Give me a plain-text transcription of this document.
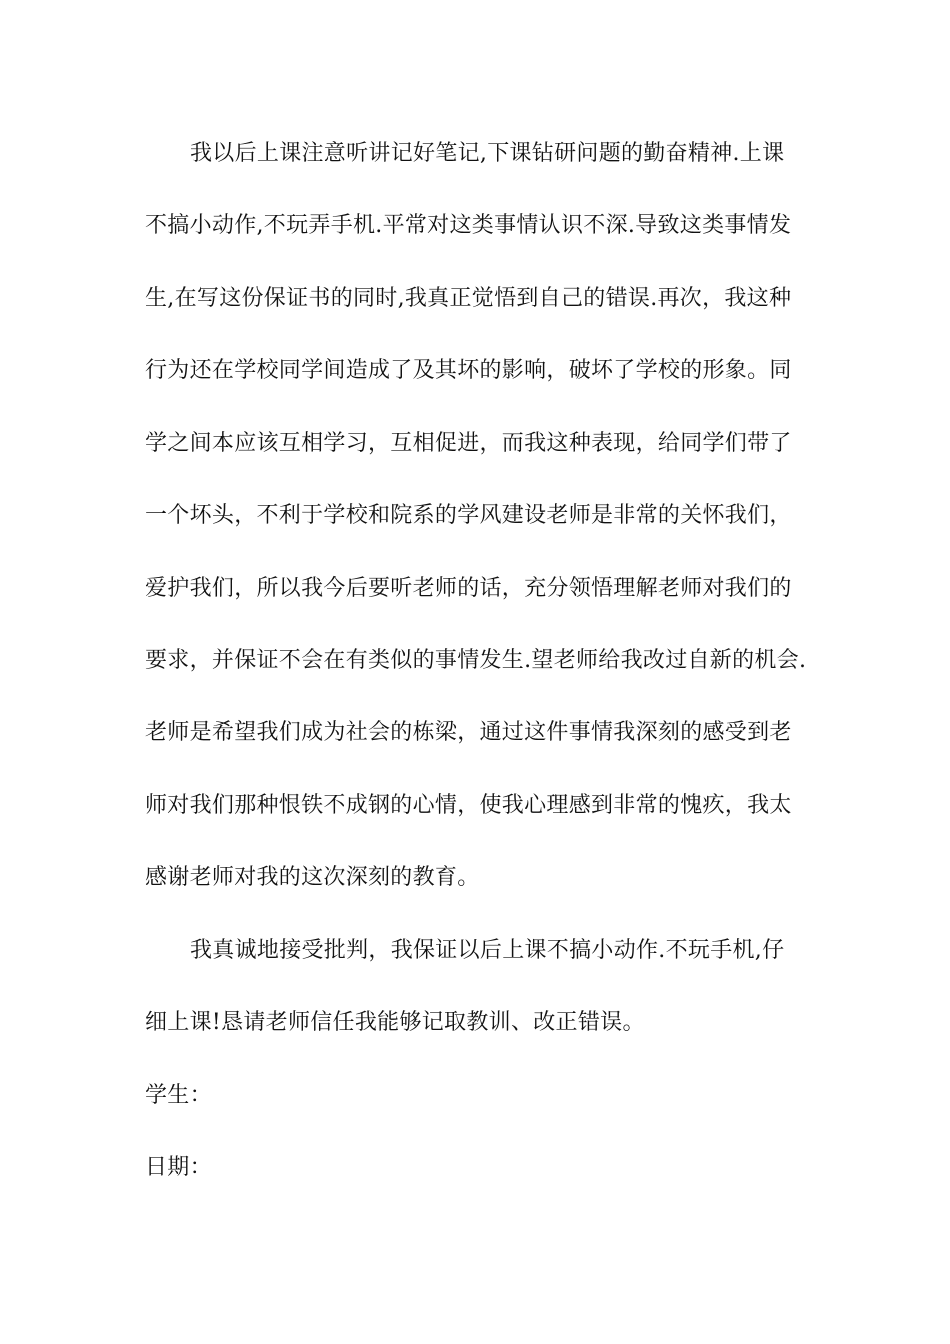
我以后上课注意听讲记好笔记,下课钻研问题的勤奋精神.上课
不搞小动作,不玩弄手机.平常对这类事情认识不深.导致这类事情发
生,在写这份保证书的同时,我真正觉悟到自己的错误.再次，我这种
行为还在学校同学间造成了及其坏的影响，破坏了学校的形象。同
学之间本应该互相学习，互相促进，而我这种表现，给同学们带了
一个坏头，不利于学校和院系的学风建设老师是非常的关怀我们，
爱护我们，所以我今后要听老师的话，充分领悟理解老师对我们的
要求，并保证不会在有类似的事情发生.望老师给我改过自新的机会.
老师是希望我们成为社会的栋梁，通过这件事情我深刻的感受到老
师对我们那种恨铁不成钢的心情，使我心理感到非常的愧疚，我太
感谢老师对我的这次深刻的教育。
我真诚地接受批判，我保证以后上课不搞小动作.不玩手机,仔
细上课!恳请老师信任我能够记取教训、改正错误。
学生：
日期：
